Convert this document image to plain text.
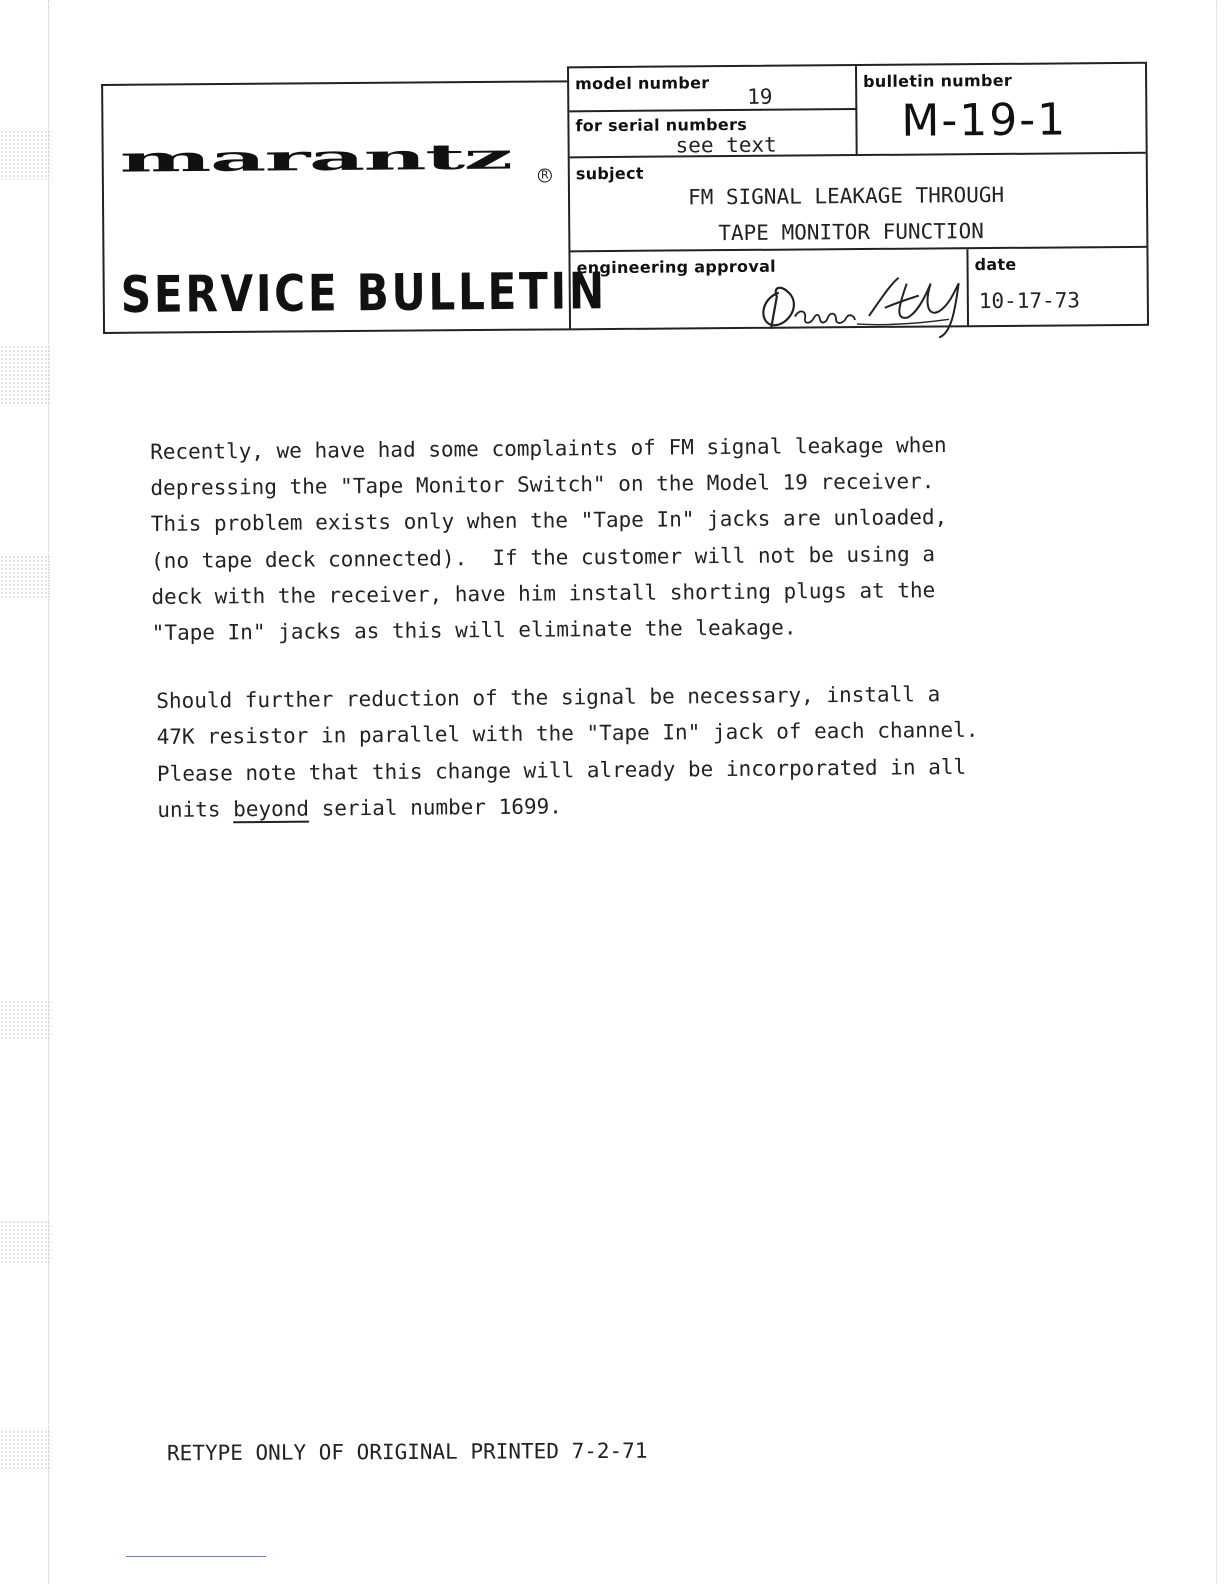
marantz	R
SERVICE BULLETIN
model number
19
for serial numbers
see text
bulletin number
M-19-1
subject
FM SIGNAL LEAKAGE THROUGH
TAPE MONITOR FUNCTION
engineering approval	date
10-17-73
Recently, we have had some complaints of FM signal leakage when
depressing the "Tape Monitor Switch" on the Model 19 receiver.
This problem exists only when the "Tape In" jacks are unloaded,
(no tape deck connected).  If the customer will not be using a
deck with the receiver, have him install shorting plugs at the
"Tape In" jacks as this will eliminate the leakage.
Should further reduction of the signal be necessary, install a
47K resistor in parallel with the "Tape In" jack of each channel.
Please note that this change will already be incorporated in all
units beyond serial number 1699.
RETYPE ONLY OF ORIGINAL PRINTED 7-2-71
